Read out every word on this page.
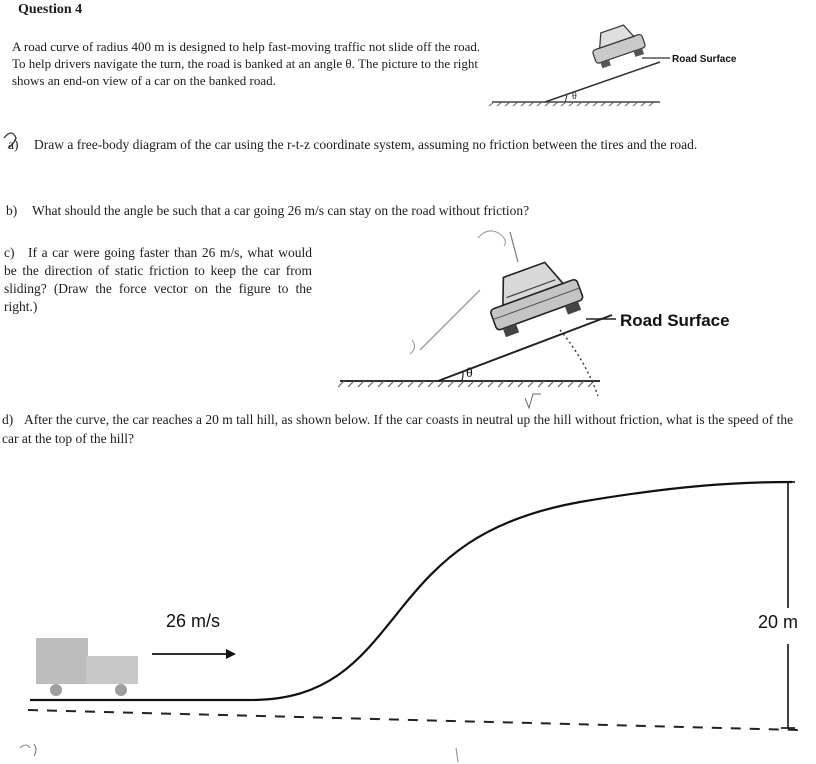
Question 4
A road curve of radius 400 m is designed to help fast-moving traffic not slide off the road. To help drivers navigate the turn, the road is banked at an angle θ. The picture to the right shows an end-on view of a car on the banked road.
a) Draw a free-body diagram of the car using the r-t-z coordinate system, assuming no friction between the tires and the road.
b) What should the angle be such that a car going 26 m/s can stay on the road without friction?
c) If a car were going faster than 26 m/s, what would be the direction of static friction to keep the car from sliding? (Draw the force vector on the figure to the right.)
d) After the curve, the car reaches a 20 m tall hill, as shown below. If the car coasts in neutral up the hill without friction, what is the speed of the car at the top of the hill?
θ
Road Surface
θ
Road Surface
20 m
26 m/s
